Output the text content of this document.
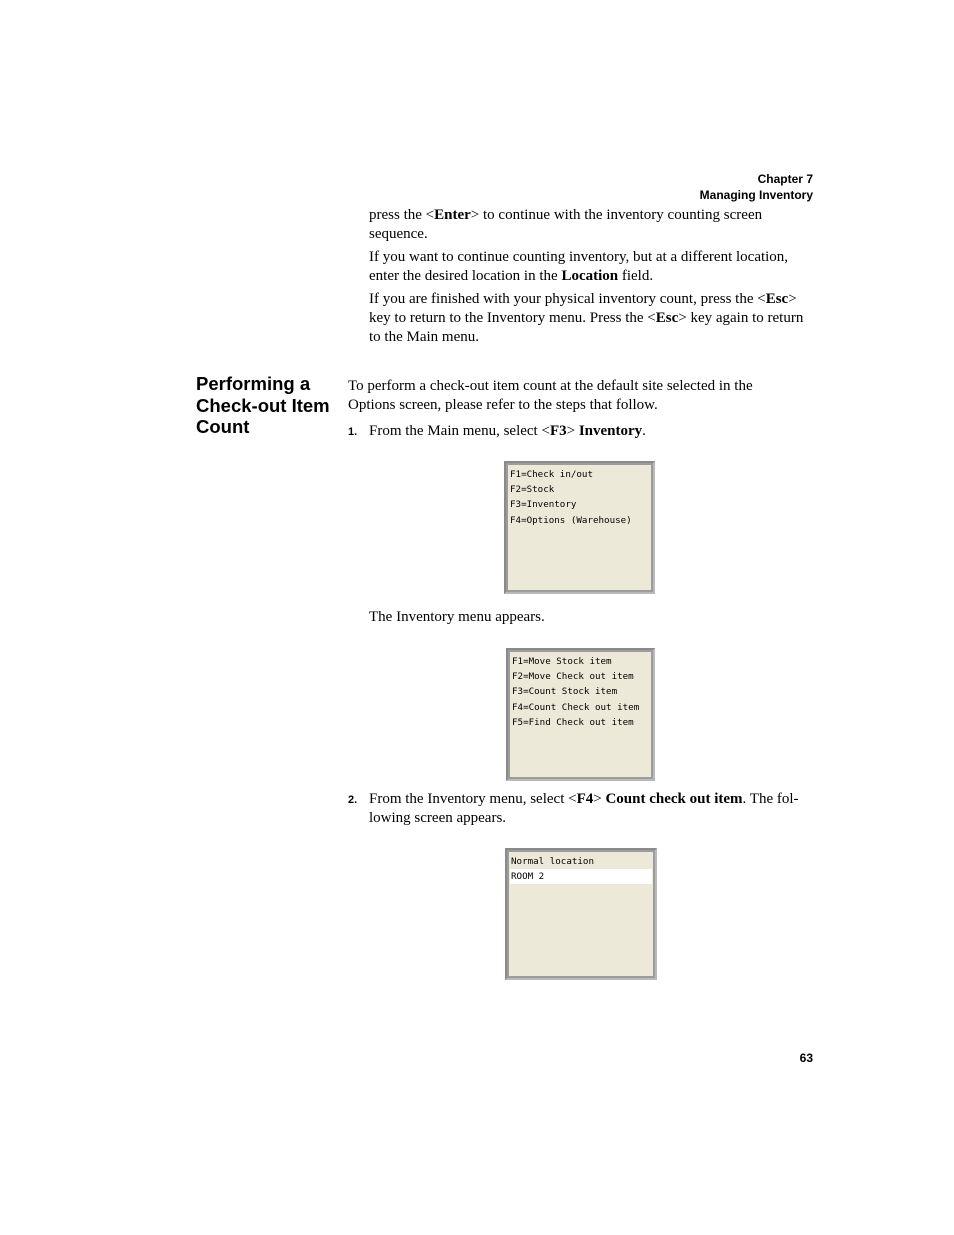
Chapter 7
Managing Inventory

press the <Enter> to continue with the inventory counting screen sequence.

If you want to continue counting inventory, but at a different location, enter the desired location in the Location field.

If you are finished with your physical inventory count, press the <Esc> key to return to the Inventory menu. Press the <Esc> key again to return to the Main menu.

Performing a Check-out Item Count

To perform a check-out item count at the default site selected in the Options screen, please refer to the steps that follow.

1. From the Main menu, select <F3> Inventory.

F1=Check in/out
F2=Stock
F3=Inventory
F4=Options (Warehouse)

The Inventory menu appears.

F1=Move Stock item
F2=Move Check out item
F3=Count Stock item
F4=Count Check out item
F5=Find Check out item
2. From the Inventory menu, select <F4> Count check out item. The fol-lowing screen appears.

Normal location
ROOM 2
63
